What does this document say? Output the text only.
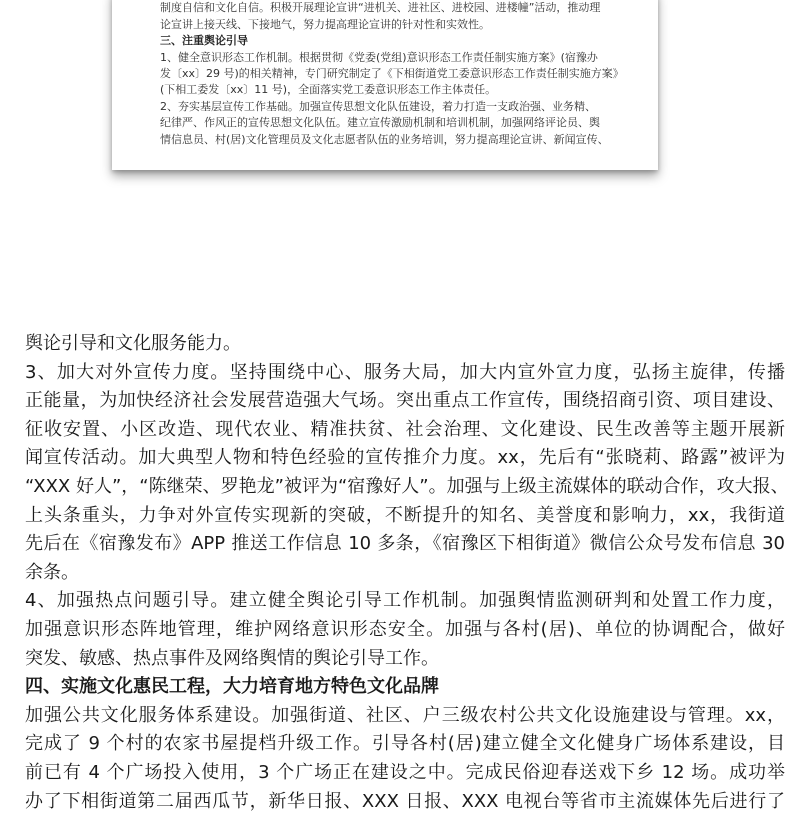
制度自信和文化自信。积极开展理论宣讲“进机关、进社区、进校园、进楼幢”活动，推动理
论宣讲上接天线、下接地气，努力提高理论宣讲的针对性和实效性。
三、注重舆论引导
1、健全意识形态工作机制。根据贯彻《党委(党组)意识形态工作责任制实施方案》(宿豫办
发〔xx〕29 号)的相关精神，专门研究制定了《下相街道党工委意识形态工作责任制实施方案》
(下相工委发〔xx〕11 号)，全面落实党工委意识形态工作主体责任。
2、夯实基层宣传工作基础。加强宣传思想文化队伍建设，着力打造一支政治强、业务精、
纪律严、作风正的宣传思想文化队伍。建立宣传激励机制和培训机制，加强网络评论员、舆
情信息员、村(居)文化管理员及文化志愿者队伍的业务培训，努力提高理论宣讲、新闻宣传、
舆论引导和文化服务能力。
3、加大对外宣传力度。坚持围绕中心、服务大局，加大内宣外宣力度，弘扬主旋律，传播
正能量，为加快经济社会发展营造强大气场。突出重点工作宣传，围绕招商引资、项目建设、
征收安置、小区改造、现代农业、精准扶贫、社会治理、文化建设、民生改善等主题开展新
闻宣传活动。加大典型人物和特色经验的宣传推介力度。xx，先后有“张晓莉、路露”被评为
“XXX 好人”，“陈继荣、罗艳龙”被评为“宿豫好人”。加强与上级主流媒体的联动合作，攻大报、
上头条重头，力争对外宣传实现新的突破，不断提升的知名、美誉度和影响力，xx，我街道
先后在《宿豫发布》APP 推送工作信息 10 多条，《宿豫区下相街道》微信公众号发布信息 30
余条。
4、加强热点问题引导。建立健全舆论引导工作机制。加强舆情监测研判和处置工作力度，
加强意识形态阵地管理，维护网络意识形态安全。加强与各村(居)、单位的协调配合，做好
突发、敏感、热点事件及网络舆情的舆论引导工作。
四、实施文化惠民工程，大力培育地方特色文化品牌
加强公共文化服务体系建设。加强街道、社区、户三级农村公共文化设施建设与管理。xx，
完成了 9 个村的农家书屋提档升级工作。引导各村(居)建立健全文化健身广场体系建设，目
前已有 4 个广场投入使用，3 个广场正在建设之中。完成民俗迎春送戏下乡 12 场。成功举
办了下相街道第二届西瓜节，新华日报、XXX 日报、XXX 电视台等省市主流媒体先后进行了
